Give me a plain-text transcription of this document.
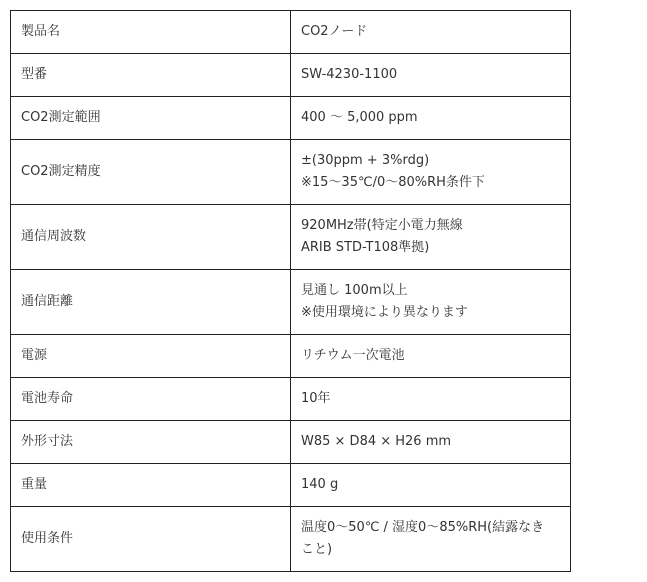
製品名	CO2ノード
型番	SW-4230-1100
CO2測定範囲	400 〜 5,000 ppm
CO2測定精度	±(30ppm + 3%rdg)
※15〜35℃/0〜80%RH条件下
通信周波数	920MHz帯(特定小電力無線
ARIB STD-T108準拠)
通信距離	見通し 100m以上
※使用環境により異なります
電源	リチウム一次電池
電池寿命	10年
外形寸法	W85 × D84 × H26 mm
重量	140 g
使用条件	温度0〜50℃ / 湿度0〜85%RH(結露なき
こと)
